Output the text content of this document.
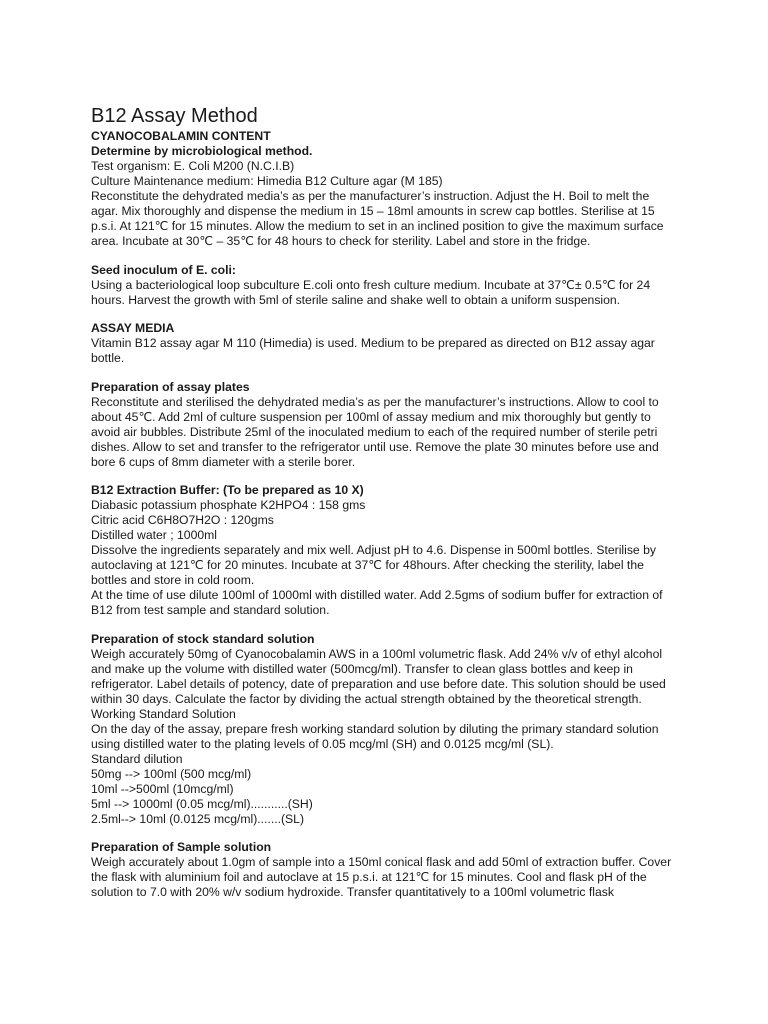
B12 Assay Method

CYANOCOBALAMIN CONTENT

Determine by microbiological method.

Test organism: E. Coli M200 (N.C.I.B)

Culture Maintenance medium: Himedia B12 Culture agar (M 185)

Reconstitute the dehydrated media’s as per the manufacturer’s instruction. Adjust the H. Boil to melt the agar. Mix thoroughly and dispense the medium in 15 – 18ml amounts in screw cap bottles. Sterilise at 15 p.s.i. At 121℃ for 15 minutes. Allow the medium to set in an inclined position to give the maximum surface area. Incubate at 30℃ – 35℃ for 48 hours to check for sterility. Label and store in the fridge.

Seed inoculum of E. coli:

Using a bacteriological loop subculture E.coli onto fresh culture medium. Incubate at 37℃± 0.5℃ for 24 hours. Harvest the growth with 5ml of sterile saline and shake well to obtain a uniform suspension.

ASSAY MEDIA

Vitamin B12 assay agar M 110 (Himedia) is used. Medium to be prepared as directed on B12 assay agar bottle.

Preparation of assay plates

Reconstitute and sterilised the dehydrated media’s as per the manufacturer’s instructions. Allow to cool to about 45℃. Add 2ml of culture suspension per 100ml of assay medium and mix thoroughly but gently to avoid air bubbles. Distribute 25ml of the inoculated medium to each of the required number of sterile petri dishes. Allow to set and transfer to the refrigerator until use. Remove the plate 30 minutes before use and bore 6 cups of 8mm diameter with a sterile borer.

B12 Extraction Buffer: (To be prepared as 10 X)

Diabasic potassium phosphate K2HPO4 : 158 gms

Citric acid C6H8O7H2O : 120gms

Distilled water ; 1000ml

Dissolve the ingredients separately and mix well. Adjust pH to 4.6. Dispense in 500ml bottles. Sterilise by autoclaving at 121℃ for 20 minutes. Incubate at 37℃ for 48hours. After checking the sterility, label the bottles and store in cold room.

At the time of use dilute 100ml of 1000ml with distilled water. Add 2.5gms of sodium buffer for extraction of B12 from test sample and standard solution.

Preparation of stock standard solution

Weigh accurately 50mg of Cyanocobalamin AWS in a 100ml volumetric flask. Add 24% v/v of ethyl alcohol and make up the volume with distilled water (500mcg/ml). Transfer to clean glass bottles and keep in refrigerator. Label details of potency, date of preparation and use before date. This solution should be used within 30 days. Calculate the factor by dividing the actual strength obtained by the theoretical strength.

Working Standard Solution

On the day of the assay, prepare fresh working standard solution by diluting the primary standard solution using distilled water to the plating levels of 0.05 mcg/ml (SH) and 0.0125 mcg/ml (SL).

Standard dilution

50mg --> 100ml (500 mcg/ml)

10ml -->500ml (10mcg/ml)

5ml --> 1000ml (0.05 mcg/ml)...........(SH)

2.5ml--> 10ml (0.0125 mcg/ml).......(SL)

Preparation of Sample solution

Weigh accurately about 1.0gm of sample into a 150ml conical flask and add 50ml of extraction buffer. Cover the flask with aluminium foil and autoclave at 15 p.s.i. at 121℃ for 15 minutes. Cool and flask pH of the solution to 7.0 with 20% w/v sodium hydroxide. Transfer quantitatively to a 100ml volumetric flask
